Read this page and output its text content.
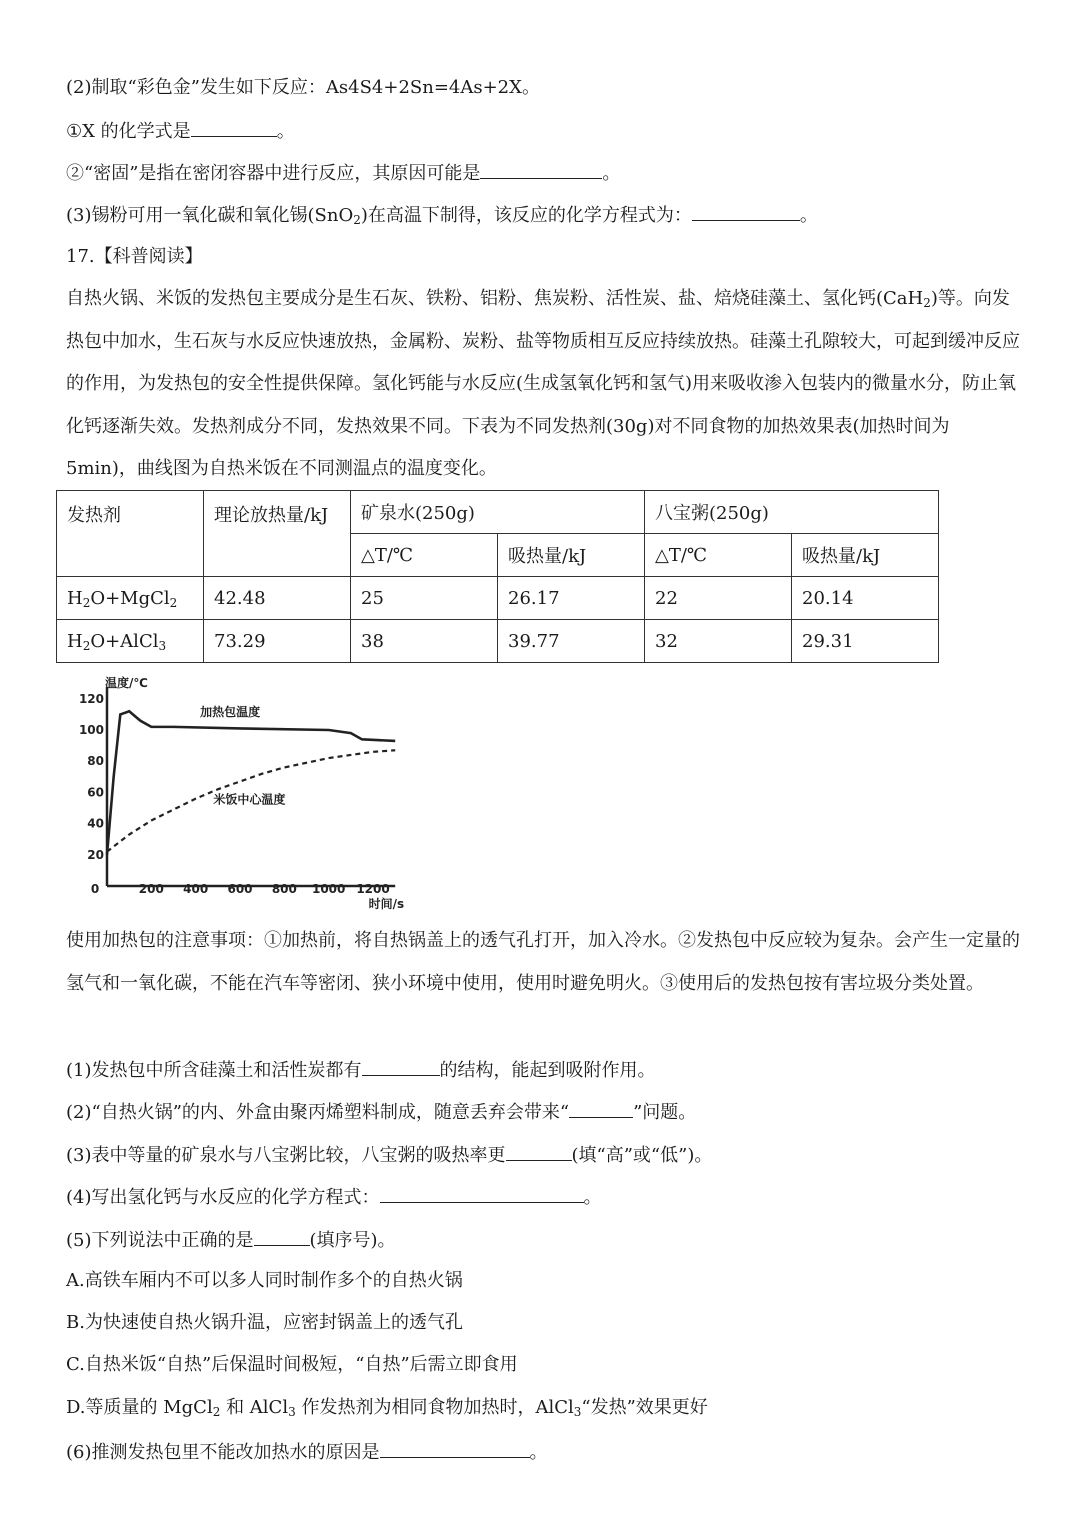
(2)制取“彩色金”发生如下反应：As4S4+2Sn=4As+2X。
①X 的化学式是	。
②“密固”是指在密闭容器中进行反应，其原因可能是	。
(3)锡粉可用一氧化碳和氧化锡(SnO$_2$)在高温下制得，该反应的化学方程式为：	。
17.【科普阅读】
自热火锅、米饭的发热包主要成分是生石灰、铁粉、铝粉、焦炭粉、活性炭、盐、焙烧硅藻土、氢化钙(CaH$_2$)等。向发热包中加水，生石灰与水反应快速放热，金属粉、炭粉、盐等物质相互反应持续放热。硅藻土孔隙较大，可起到缓冲反应的作用，为发热包的安全性提供保障。氢化钙能与水反应(生成氢氧化钙和氢气)用来吸收渗入包装内的微量水分，防止氧化钙逐渐失效。发热剂成分不同，发热效果不同。下表为不同发热剂(30g)对不同食物的加热效果表(加热时间为 5min)，曲线图为自热米饭在不同测温点的温度变化。
发热剂	理论放热量/kJ	矿泉水(250g)		八宝粥(250g)	
		△T/℃	吸热量/kJ	△T/℃	吸热量/kJ
$H_2O+MgCl_2$	42.48	25	26.17	22	20.14
$H_2O+AlCl_3$	73.29	38	39.77	32	29.31
20
40
60
80
100
120
0	200 400 600 800 1000 1200
温度/℃
时间/s
加热包温度
米饭中心温度
使用加热包的注意事项：①加热前，将自热锅盖上的透气孔打开，加入冷水。②发热包中反应较为复杂。会产生一定量的氢气和一氧化碳，不能在汽车等密闭、狭小环境中使用，使用时避免明火。③使用后的发热包按有害垃圾分类处置。
(1)发热包中所含硅藻土和活性炭都有	的结构，能起到吸附作用。
(2)“自热火锅”的内、外盒由聚丙烯塑料制成，随意丢弃会带来“	”问题。
(3)表中等量的矿泉水与八宝粥比较，八宝粥的吸热率更	(填“高”或“低”)。
(4)写出氢化钙与水反应的化学方程式：	。
(5)下列说法中正确的是	(填序号)。
A.高铁车厢内不可以多人同时制作多个的自热火锅
B.为快速使自热火锅升温，应密封锅盖上的透气孔
C.自热米饭“自热”后保温时间极短，“自热”后需立即食用
D.等质量的 MgCl$_2$ 和 AlCl$_3$ 作发热剂为相同食物加热时，AlCl$_3$“发热”效果更好
(6)推测发热包里不能改加热水的原因是	。
